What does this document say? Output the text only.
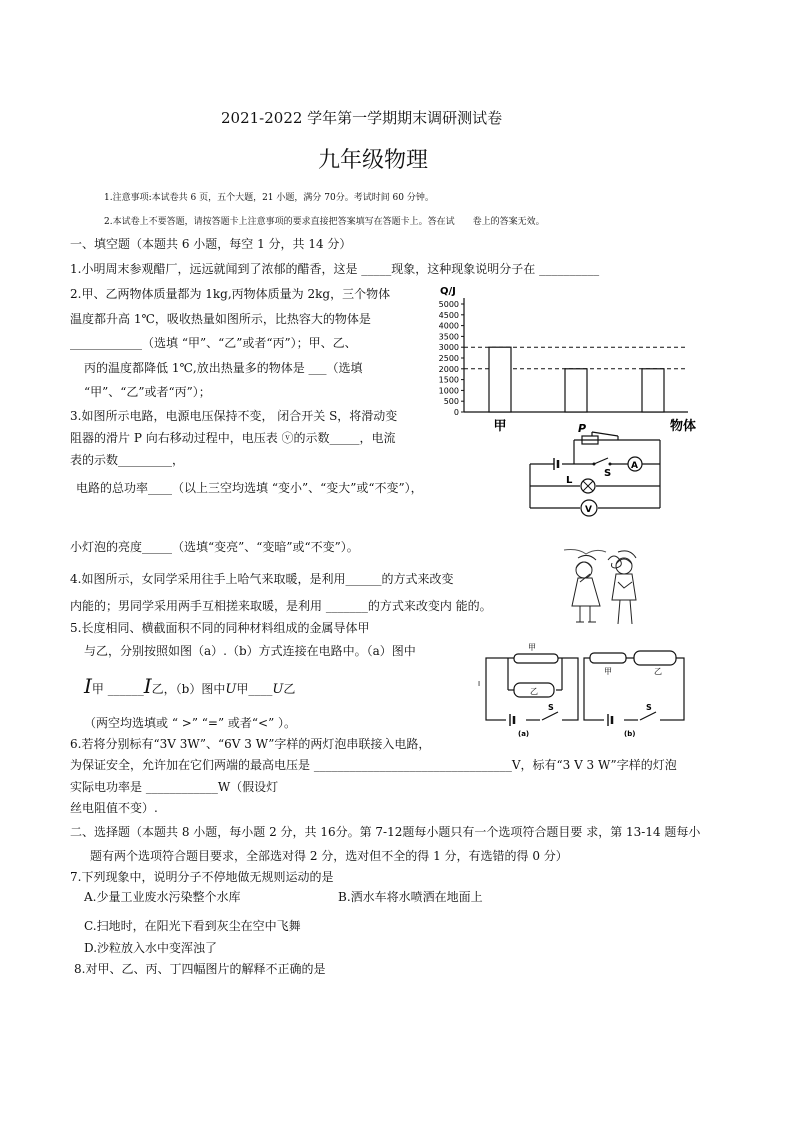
2021-2022 学年第一学期期末调研测试卷
九年级物理
1.注意事项:本试卷共 6 页，五个大题，21 小题，满分 70分。考试时间 60 分钟。
2.本试卷上不要答题，请按答题卡上注意事项的要求直接把答案填写在答题卡上。答在试　　卷上的答案无效。
一、填空题（本题共 6 小题，每空 1 分，共 14 分）
1.小明周末参观醋厂，远远就闻到了浓郁的醋香，这是 _____现象，这种现象说明分子在 __________
2.甲、乙两物体质量都为 1kg,丙物体质量为 2kg，三个物体
温度都升高 1℃，吸收热量如图所示，比热容大的物体是
____________（选填 “甲”、“乙”或者“丙”）；甲、乙、
丙的温度都降低 1℃,放出热量多的物体是 ___（选填
“甲”、“乙”或者“丙”）；
3.如图所示电路，电源电压保持不变， 闭合开关 S，将滑动变
阻器的滑片 P 向右移动过程中，电压表 ⓥ的示数_____，电流
表的示数_________，
电路的总功率____（以上三空均选填 “变小”、“变大”或“不变”），
小灯泡的亮度_____（选填“变亮”、“变暗”或“不变”）。
4.如图所示，女同学采用往手上哈气来取暖，是利用______的方式来改变
内能的；男同学采用两手互相搓来取暖，是利用 _______的方式来改变内 能的。
5.长度相同、横截面积不同的同种材料组成的金属导体甲
与乙，分别按照如图（a）.（b）方式连接在电路中。（a）图中
I甲 ______I乙，（b）图中U甲____U乙
（两空均选填或 “ >” “=” 或者“<” ）。
6.若将分别标有“3V 3W”、“6V 3 W”字样的两灯泡串联接入电路，
为保证安全，允许加在它们两端的最高电压是 _________________________________V，标有“3 V 3 W”字样的灯泡
实际电功率是 ____________W（假设灯
丝电阻值不变）.
二、选择题（本题共 8 小题，每小题 2 分，共 16分。第 7-12题每小题只有一个选项符合题目要 求，第 13-14 题每小
题有两个选项符合题目要求，全部选对得 2 分，选对但不全的得 1 分，有选错的得 0 分）
7.下列现象中，说明分子不停地做无规则运动的是
A.少量工业废水污染整个水库	B.洒水车将水喷洒在地面上
C.扫地时，在阳光下看到灰尘在空中飞舞
D.沙粒放入水中变浑浊了
8.对甲、乙、丙、丁四幅图片的解释不正确的是
Q/J
0
500
1000
1500
2000
2500
3000
3500
4000
4500
5000
甲	物体
P
S
A
L
V
甲
乙
S
(a)
甲	乙
S
(b)
I
